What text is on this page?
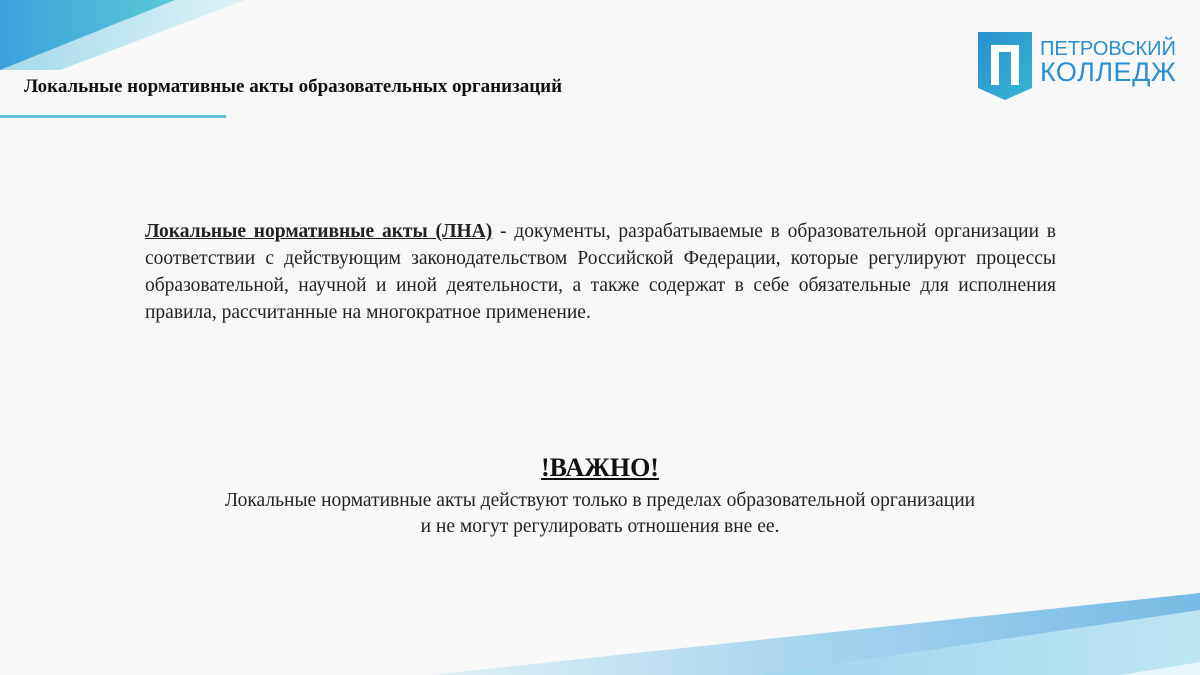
Локальные нормативные акты образовательных организаций
ПЕТРОВСКИЙ
КОЛЛЕДЖ

Локальные нормативные акты (ЛНА) - документы, разрабатываемые в образовательной организации в соответствии с действующим законодательством Российской Федерации, которые регулируют процессы образовательной, научной и иной деятельности, а также содержат в себе обязательные для исполнения правила, рассчитанные на многократное применение.

!ВАЖНО!

Локальные нормативные акты действуют только в пределах образовательной организации
и не могут регулировать отношения вне ее.
